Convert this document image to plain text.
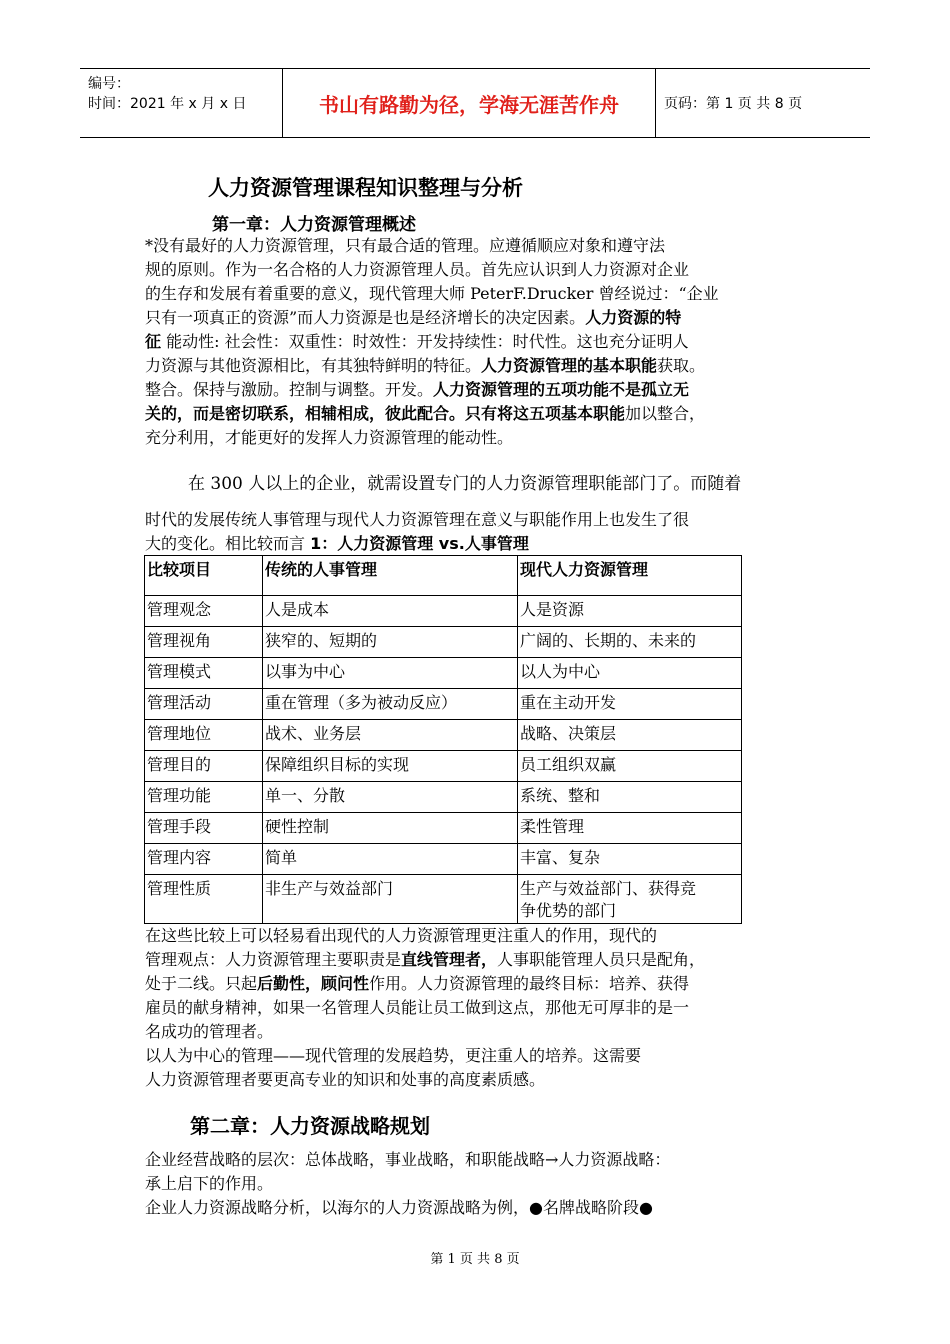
编号：
时间：2021 年 x 月 x 日	书山有路勤为径，学海无涯苦作舟	页码：第 1 页 共 8 页
人力资源管理课程知识整理与分析
第一章：人力资源管理概述
*没有最好的人力资源管理，只有最合适的管理。应遵循顺应对象和遵守法
规的原则。作为一名合格的人力资源管理人员。首先应认识到人力资源对企业
的生存和发展有着重要的意义，现代管理大师 PeterF.Drucker 曾经说过：“企业
只有一项真正的资源”而人力资源是也是经济增长的决定因素。人力资源的特
征 能动性: 社会性：双重性：时效性：开发持续性：时代性。这也充分证明人
力资源与其他资源相比，有其独特鲜明的特征。人力资源管理的基本职能获取。
整合。保持与激励。控制与调整。开发。人力资源管理的五项功能不是孤立无
关的，而是密切联系，相辅相成，彼此配合。只有将这五项基本职能加以整合，
充分利用，才能更好的发挥人力资源管理的能动性。
在 300 人以上的企业，就需设置专门的人力资源管理职能部门了。而随着
时代的发展传统人事管理与现代人力资源管理在意义与职能作用上也发生了很
大的变化。相比较而言 1：人力资源管理 vs.人事管理
比较项目	传统的人事管理	现代人力资源管理
管理观念	人是成本	人是资源
管理视角	狭窄的、短期的	广阔的、长期的、未来的
管理模式	以事为中心	以人为中心
管理活动	重在管理（多为被动反应）	重在主动开发
管理地位	战术、业务层	战略、决策层
管理目的	保障组织目标的实现	员工组织双赢
管理功能	单一、分散	系统、整和
管理手段	硬性控制	柔性管理
管理内容	简单	丰富、复杂
管理性质	非生产与效益部门	生产与效益部门、获得竞
争优势的部门
在这些比较上可以轻易看出现代的人力资源管理更注重人的作用，现代的
管理观点：人力资源管理主要职责是直线管理者，人事职能管理人员只是配角，
处于二线。只起后勤性，顾问性作用。人力资源管理的最终目标：培养、获得
雇员的献身精神，如果一名管理人员能让员工做到这点，那他无可厚非的是一
名成功的管理者。
以人为中心的管理——现代管理的发展趋势，更注重人的培养。这需要
人力资源管理者要更高专业的知识和处事的高度素质感。
第二章：人力资源战略规划
企业经营战略的层次：总体战略，事业战略，和职能战略→人力资源战略：
承上启下的作用。
企业人力资源战略分析，以海尔的人力资源战略为例，●名牌战略阶段●
第 1 页 共 8 页
